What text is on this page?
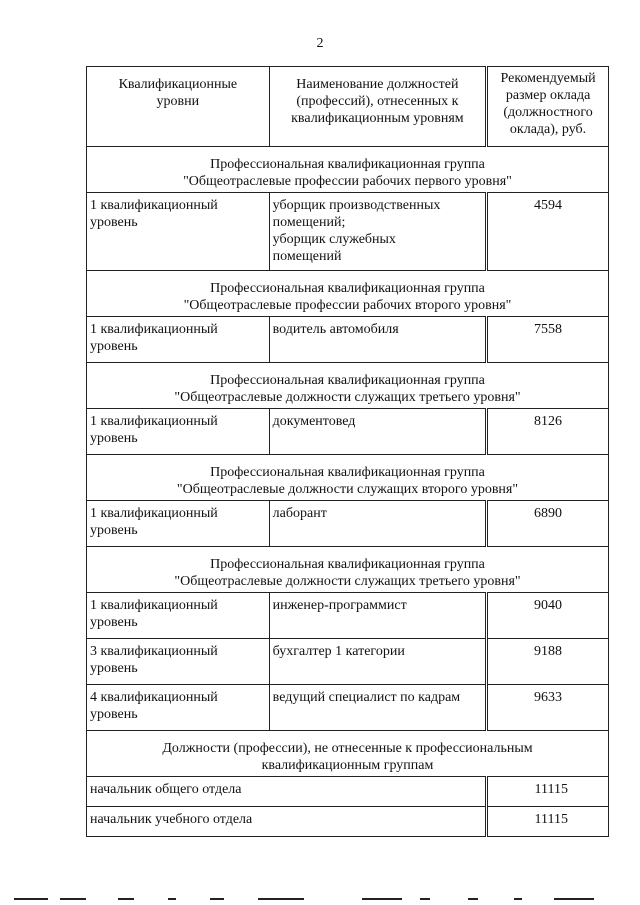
2
Квалификационные
уровни	Наименование должностей
(профессий), отнесенных к
квалификационным уровням	Рекомендуемый
размер оклада
(должностного
оклада), руб.

Профессиональная квалификационная группа
"Общеотраслевые профессии рабочих первого уровня"		

1 квалификационный
уровень	уборщик производственных
помещений;
уборщик служебных
помещений	4594

Профессиональная квалификационная группа
"Общеотраслевые профессии рабочих второго уровня"		

1 квалификационный
уровень	водитель автомобиля	7558

Профессиональная квалификационная группа
"Общеотраслевые должности служащих третьего уровня"		

1 квалификационный
уровень	документовед	8126

Профессиональная квалификационная группа
"Общеотраслевые должности служащих второго уровня"		

1 квалификационный
уровень	лаборант	6890

Профессиональная квалификационная группа
"Общеотраслевые должности служащих третьего уровня"		

1 квалификационный
уровень	инженер-программист	9040

3 квалификационный
уровень	бухгалтер 1 категории	9188

4 квалификационный
уровень	ведущий специалист по кадрам	9633

Должности (профессии), не отнесенные к профессиональным
квалификационным группам		

начальник общего отдела		11115
начальник учебного отдела		11115
